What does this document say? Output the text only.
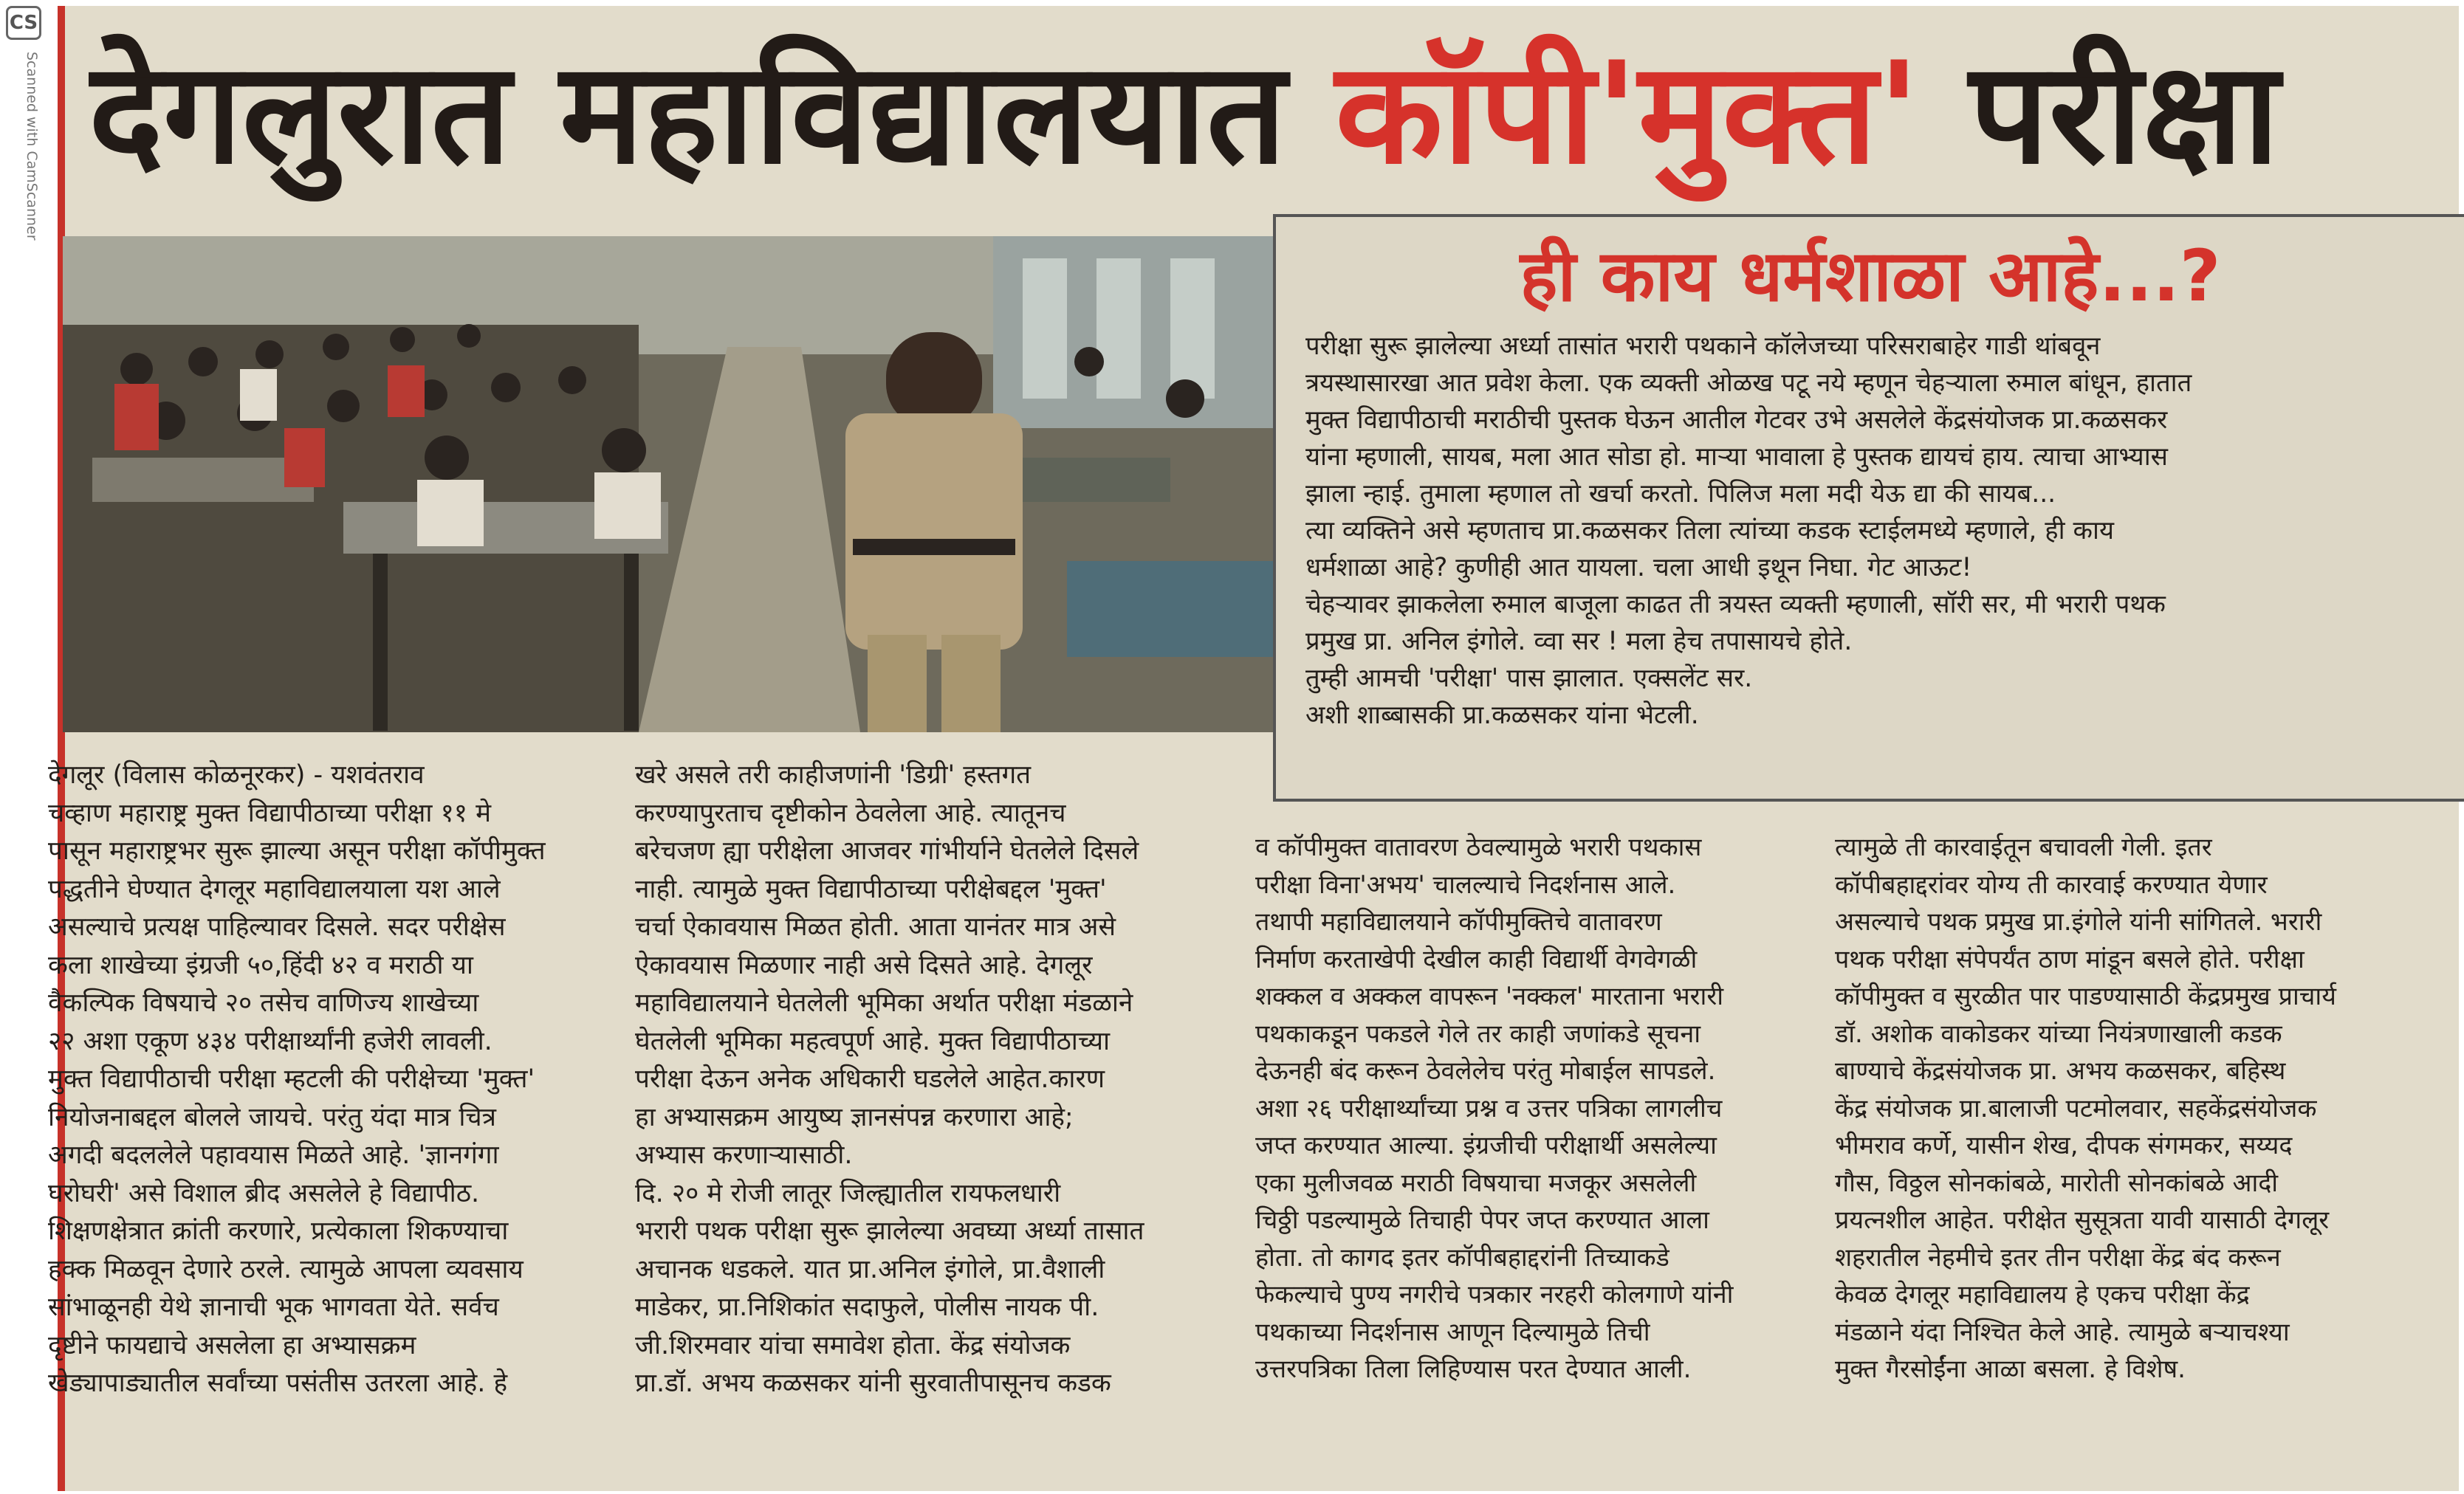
CS
Scanned with CamScanner देगलुरात महाविद्यालयात कॉपी'मुक्त' परीक्षा
ही काय धर्मशाळा आहे...?

परीक्षा सुरू झालेल्या अर्ध्या तासांत भरारी पथकाने कॉलेजच्या परिसराबाहेर गाडी थांबवून

त्रयस्थासारखा आत प्रवेश केला. एक व्यक्ती ओळख पटू नये म्हणून चेहऱ्याला रुमाल बांधून, हातात

मुक्त विद्यापीठाची मराठीची पुस्तक घेऊन आतील गेटवर उभे असलेले केंद्रसंयोजक प्रा.कळसकर

यांना म्हणाली, सायब, मला आत सोडा हो. माऱ्या भावाला हे पुस्तक द्यायचं हाय. त्याचा आभ्यास

झाला न्हाई. तुमाला म्हणाल तो खर्चा करतो. पिलिज मला मदी येऊ द्या की सायब...

त्या व्यक्तिने असे म्हणताच प्रा.कळसकर तिला त्यांच्या कडक स्टाईलमध्ये म्हणाले, ही काय

धर्मशाळा आहे? कुणीही आत यायला. चला आधी इथून निघा. गेट आऊट!

चेहऱ्यावर झाकलेला रुमाल बाजूला काढत ती त्रयस्त व्यक्ती म्हणाली, सॉरी सर, मी भरारी पथक

प्रमुख प्रा. अनिल इंगोले. व्वा सर ! मला हेच तपासायचे होते.

तुम्ही आमची 'परीक्षा' पास झालात. एक्सलेंट सर.

अशी शाब्बासकी प्रा.कळसकर यांना भेटली.

देगलूर (विलास कोळनूरकर) - यशवंतराव

चव्हाण महाराष्ट्र मुक्त विद्यापीठाच्या परीक्षा ११ मे

पासून महाराष्ट्रभर सुरू झाल्या असून परीक्षा कॉपीमुक्त

पद्धतीने घेण्यात देगलूर महाविद्यालयाला यश आले

असल्याचे प्रत्यक्ष पाहिल्यावर दिसले. सदर परीक्षेस

कला शाखेच्या इंग्रजी ५०,हिंदी ४२ व मराठी या

वैकल्पिक विषयाचे २० तसेच वाणिज्य शाखेच्या

२२ अशा एकूण ४३४ परीक्षार्थ्यांनी हजेरी लावली.

मुक्त विद्यापीठाची परीक्षा म्हटली की परीक्षेच्या 'मुक्त'

नियोजनाबद्दल बोलले जायचे. परंतु यंदा मात्र चित्र

अगदी बदललेले पहावयास मिळते आहे. 'ज्ञानगंगा

घरोघरी' असे विशाल ब्रीद असलेले हे विद्यापीठ.

शिक्षणक्षेत्रात क्रांती करणारे, प्रत्येकाला शिकण्याचा

हक्क मिळवून देणारे ठरले. त्यामुळे आपला व्यवसाय

सांभाळूनही येथे ज्ञानाची भूक भागवता येते. सर्वच

दृष्टीने फायद्याचे असलेला हा अभ्यासक्रम

खेड्यापाड्यातील सर्वांच्या पसंतीस उतरला आहे. हे

खरे असले तरी काहीजणांनी 'डिग्री' हस्तगत

करण्यापुरताच दृष्टीकोन ठेवलेला आहे. त्यातूनच

बरेचजण ह्या परीक्षेला आजवर गांभीर्याने घेतलेले दिसले

नाही. त्यामुळे मुक्त विद्यापीठाच्या परीक्षेबद्दल 'मुक्त'

चर्चा ऐकावयास मिळत होती. आता यानंतर मात्र असे

ऐकावयास मिळणार नाही असे दिसते आहे. देगलूर

महाविद्यालयाने घेतलेली भूमिका अर्थात परीक्षा मंडळाने

घेतलेली भूमिका महत्वपूर्ण आहे. मुक्त विद्यापीठाच्या

परीक्षा देऊन अनेक अधिकारी घडलेले आहेत.कारण

हा अभ्यासक्रम आयुष्य ज्ञानसंपन्न करणारा आहे;

अभ्यास करणाऱ्यासाठी.

दि. २० मे रोजी लातूर जिल्ह्यातील रायफलधारी

भरारी पथक परीक्षा सुरू झालेल्या अवघ्या अर्ध्या तासात

अचानक धडकले. यात प्रा.अनिल इंगोले, प्रा.वैशाली

माडेकर, प्रा.निशिकांत सदाफुले, पोलीस नायक पी.

जी.शिरमवार यांचा समावेश होता. केंद्र संयोजक

प्रा.डॉ. अभय कळसकर यांनी सुरवातीपासूनच कडक

व कॉपीमुक्त वातावरण ठेवल्यामुळे भरारी पथकास

परीक्षा विना'अभय' चालल्याचे निदर्शनास आले.

तथापी महाविद्यालयाने कॉपीमुक्तिचे वातावरण

निर्माण करताखेपी देखील काही विद्यार्थी वेगवेगळी

शक्कल व अक्कल वापरून 'नक्कल' मारताना भरारी

पथकाकडून पकडले गेले तर काही जणांकडे सूचना

देऊनही बंद करून ठेवलेलेच परंतु मोबाईल सापडले.

अशा २६ परीक्षार्थ्यांच्या प्रश्न व उत्तर पत्रिका लागलीच

जप्त करण्यात आल्या. इंग्रजीची परीक्षार्थी असलेल्या

एका मुलीजवळ मराठी विषयाचा मजकूर असलेली

चिठ्ठी पडल्यामुळे तिचाही पेपर जप्त करण्यात आला

होता. तो कागद इतर कॉपीबहाद्दरांनी तिच्याकडे

फेकल्याचे पुण्य नगरीचे पत्रकार नरहरी कोलगाणे यांनी

पथकाच्या निदर्शनास आणून दिल्यामुळे तिची

उत्तरपत्रिका तिला लिहिण्यास परत देण्यात आली.

त्यामुळे ती कारवाईतून बचावली गेली. इतर

कॉपीबहाद्दरांवर योग्य ती कारवाई करण्यात येणार

असल्याचे पथक प्रमुख प्रा.इंगोले यांनी सांगितले. भरारी

पथक परीक्षा संपेपर्यंत ठाण मांडून बसले होते. परीक्षा

कॉपीमुक्त व सुरळीत पार पाडण्यासाठी केंद्रप्रमुख प्राचार्य

डॉ. अशोक वाकोडकर यांच्या नियंत्रणाखाली कडक

बाण्याचे केंद्रसंयोजक प्रा. अभय कळसकर, बहिस्थ

केंद्र संयोजक प्रा.बालाजी पटमोलवार, सहकेंद्रसंयोजक

भीमराव कर्णे, यासीन शेख, दीपक संगमकर, सय्यद

गौस, विठ्ठल सोनकांबळे, मारोती सोनकांबळे आदी

प्रयत्नशील आहेत. परीक्षेत सुसूत्रता यावी यासाठी देगलूर

शहरातील नेहमीचे इतर तीन परीक्षा केंद्र बंद करून

केवळ देगलूर महाविद्यालय हे एकच परीक्षा केंद्र

मंडळाने यंदा निश्चित केले आहे. त्यामुळे बऱ्याचश्या

मुक्त गैरसोईंना आळा बसला. हे विशेष.
